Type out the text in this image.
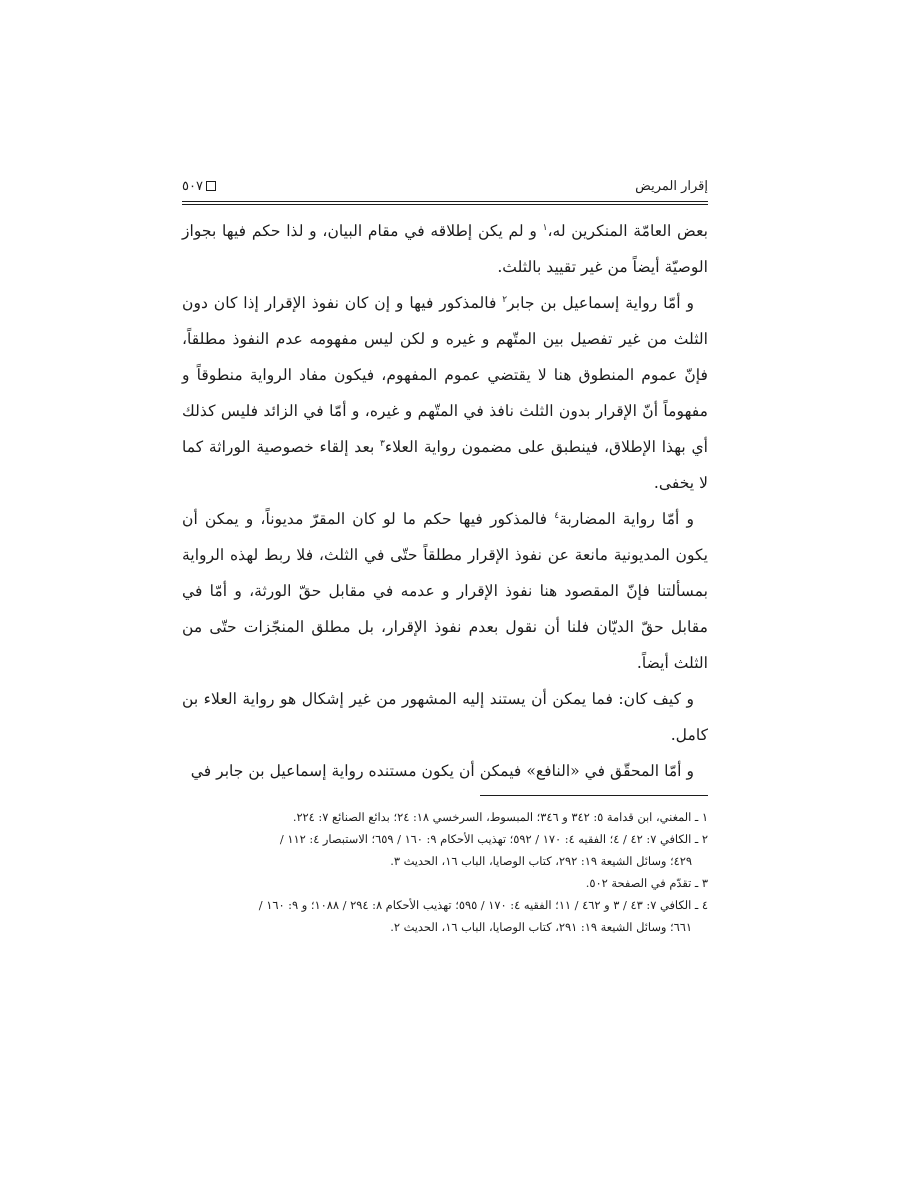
إقرار المريض
٥٠٧

بعض العامّة المنكرين له،$^١$ و لم يكن إطلاقه في مقام البيان، و لذا حكم فيها بجواز الوصيّة أيضاً من غير تقييد بالثلث.

و أمّا رواية إسماعيل بن جابر$^٢$ فالمذكور فيها و إن كان نفوذ الإقرار إذا كان دون الثلث من غير تفصيل بين المتّهم و غيره و لكن ليس مفهومه عدم النفوذ مطلقاً، فإنّ عموم المنطوق هنا لا يقتضي عموم المفهوم، فيكون مفاد الرواية منطوقاً و مفهوماً أنّ الإقرار بدون الثلث نافذ في المتّهم و غيره، و أمّا في الزائد فليس كذلك أي بهذا الإطلاق، فينطبق على مضمون رواية العلاء$^٣$ بعد إلقاء خصوصية الوراثة كما لا يخفى.

و أمّا رواية المضاربة$^٤$ فالمذكور فيها حكم ما لو كان المقرّ مديوناً، و يمكن أن يكون المديونية مانعة عن نفوذ الإقرار مطلقاً حتّى في الثلث، فلا ربط لهذه الرواية بمسألتنا فإنّ المقصود هنا نفوذ الإقرار و عدمه في مقابل حقّ الورثة، و أمّا في مقابل حقّ الديّان فلنا أن نقول بعدم نفوذ الإقرار، بل مطلق المنجّزات حتّى من الثلث أيضاً.

و كيف كان: فما يمكن أن يستند إليه المشهور من غير إشكال هو رواية العلاء بن كامل.

و أمّا المحقّق في «النافع» فيمكن أن يكون مستنده رواية إسماعيل بن جابر في

١ ـ المغني، ابن قدامة ٥: ٣٤٢ و ٣٤٦؛ المبسوط، السرخسي ١٨: ٢٤؛ بدائع الصنائع ٧: ٢٢٤.

٢ ـ الكافي ٧: ٤٢ / ٤؛ الفقيه ٤: ١٧٠ / ٥٩٢؛ تهذيب الأحكام ٩: ١٦٠ / ٦٥٩؛ الاستبصار ٤: ١١٢ /

٤٢٩؛ وسائل الشيعة ١٩: ٢٩٢، كتاب الوصايا، الباب ١٦، الحديث ٣.

٣ ـ تقدّم في الصفحة ٥٠٢.

٤ ـ الكافي ٧: ٤٣ / ٣ و ٤٦٢ / ١١؛ الفقيه ٤: ١٧٠ / ٥٩٥؛ تهذيب الأحكام ٨: ٢٩٤ / ١٠٨٨؛ و ٩: ١٦٠ /

٦٦١؛ وسائل الشيعة ١٩: ٢٩١، كتاب الوصايا، الباب ١٦، الحديث ٢.
